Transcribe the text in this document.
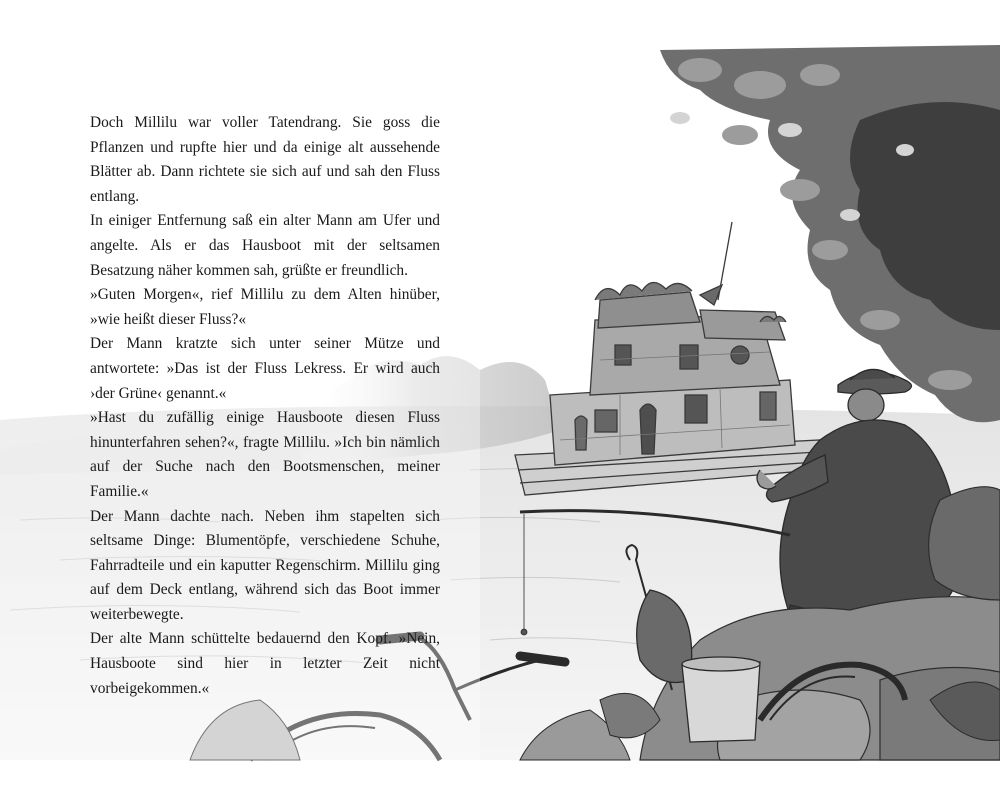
Doch Millilu war voller Tatendrang. Sie goss die Pflanzen und rupfte hier und da einige alt aussehende Blätter ab. Dann richtete sie sich auf und sah den Fluss entlang.

In einiger Entfernung saß ein alter Mann am Ufer und angelte. Als er das Hausboot mit der seltsamen Besatzung näher kommen sah, grüßte er freundlich.

»Guten Morgen«, rief Millilu zu dem Alten hinüber, »wie heißt dieser Fluss?«

Der Mann kratzte sich unter seiner Mütze und antwortete: »Das ist der Fluss Lekress. Er wird auch ›der Grüne‹ genannt.«

»Hast du zufällig einige Hausboote diesen Fluss hinunterfahren sehen?«, fragte Millilu. »Ich bin nämlich auf der Suche nach den Bootsmenschen, meiner Familie.«

Der Mann dachte nach. Neben ihm stapelten sich seltsame Dinge: Blumentöpfe, verschiedene Schuhe, Fahrradteile und ein kaputter Regenschirm. Millilu ging auf dem Deck entlang, während sich das Boot immer weiterbewegte.

Der alte Mann schüttelte bedauernd den Kopf. »Nein, Hausboote sind hier in letzter Zeit nicht vorbeigekommen.«
